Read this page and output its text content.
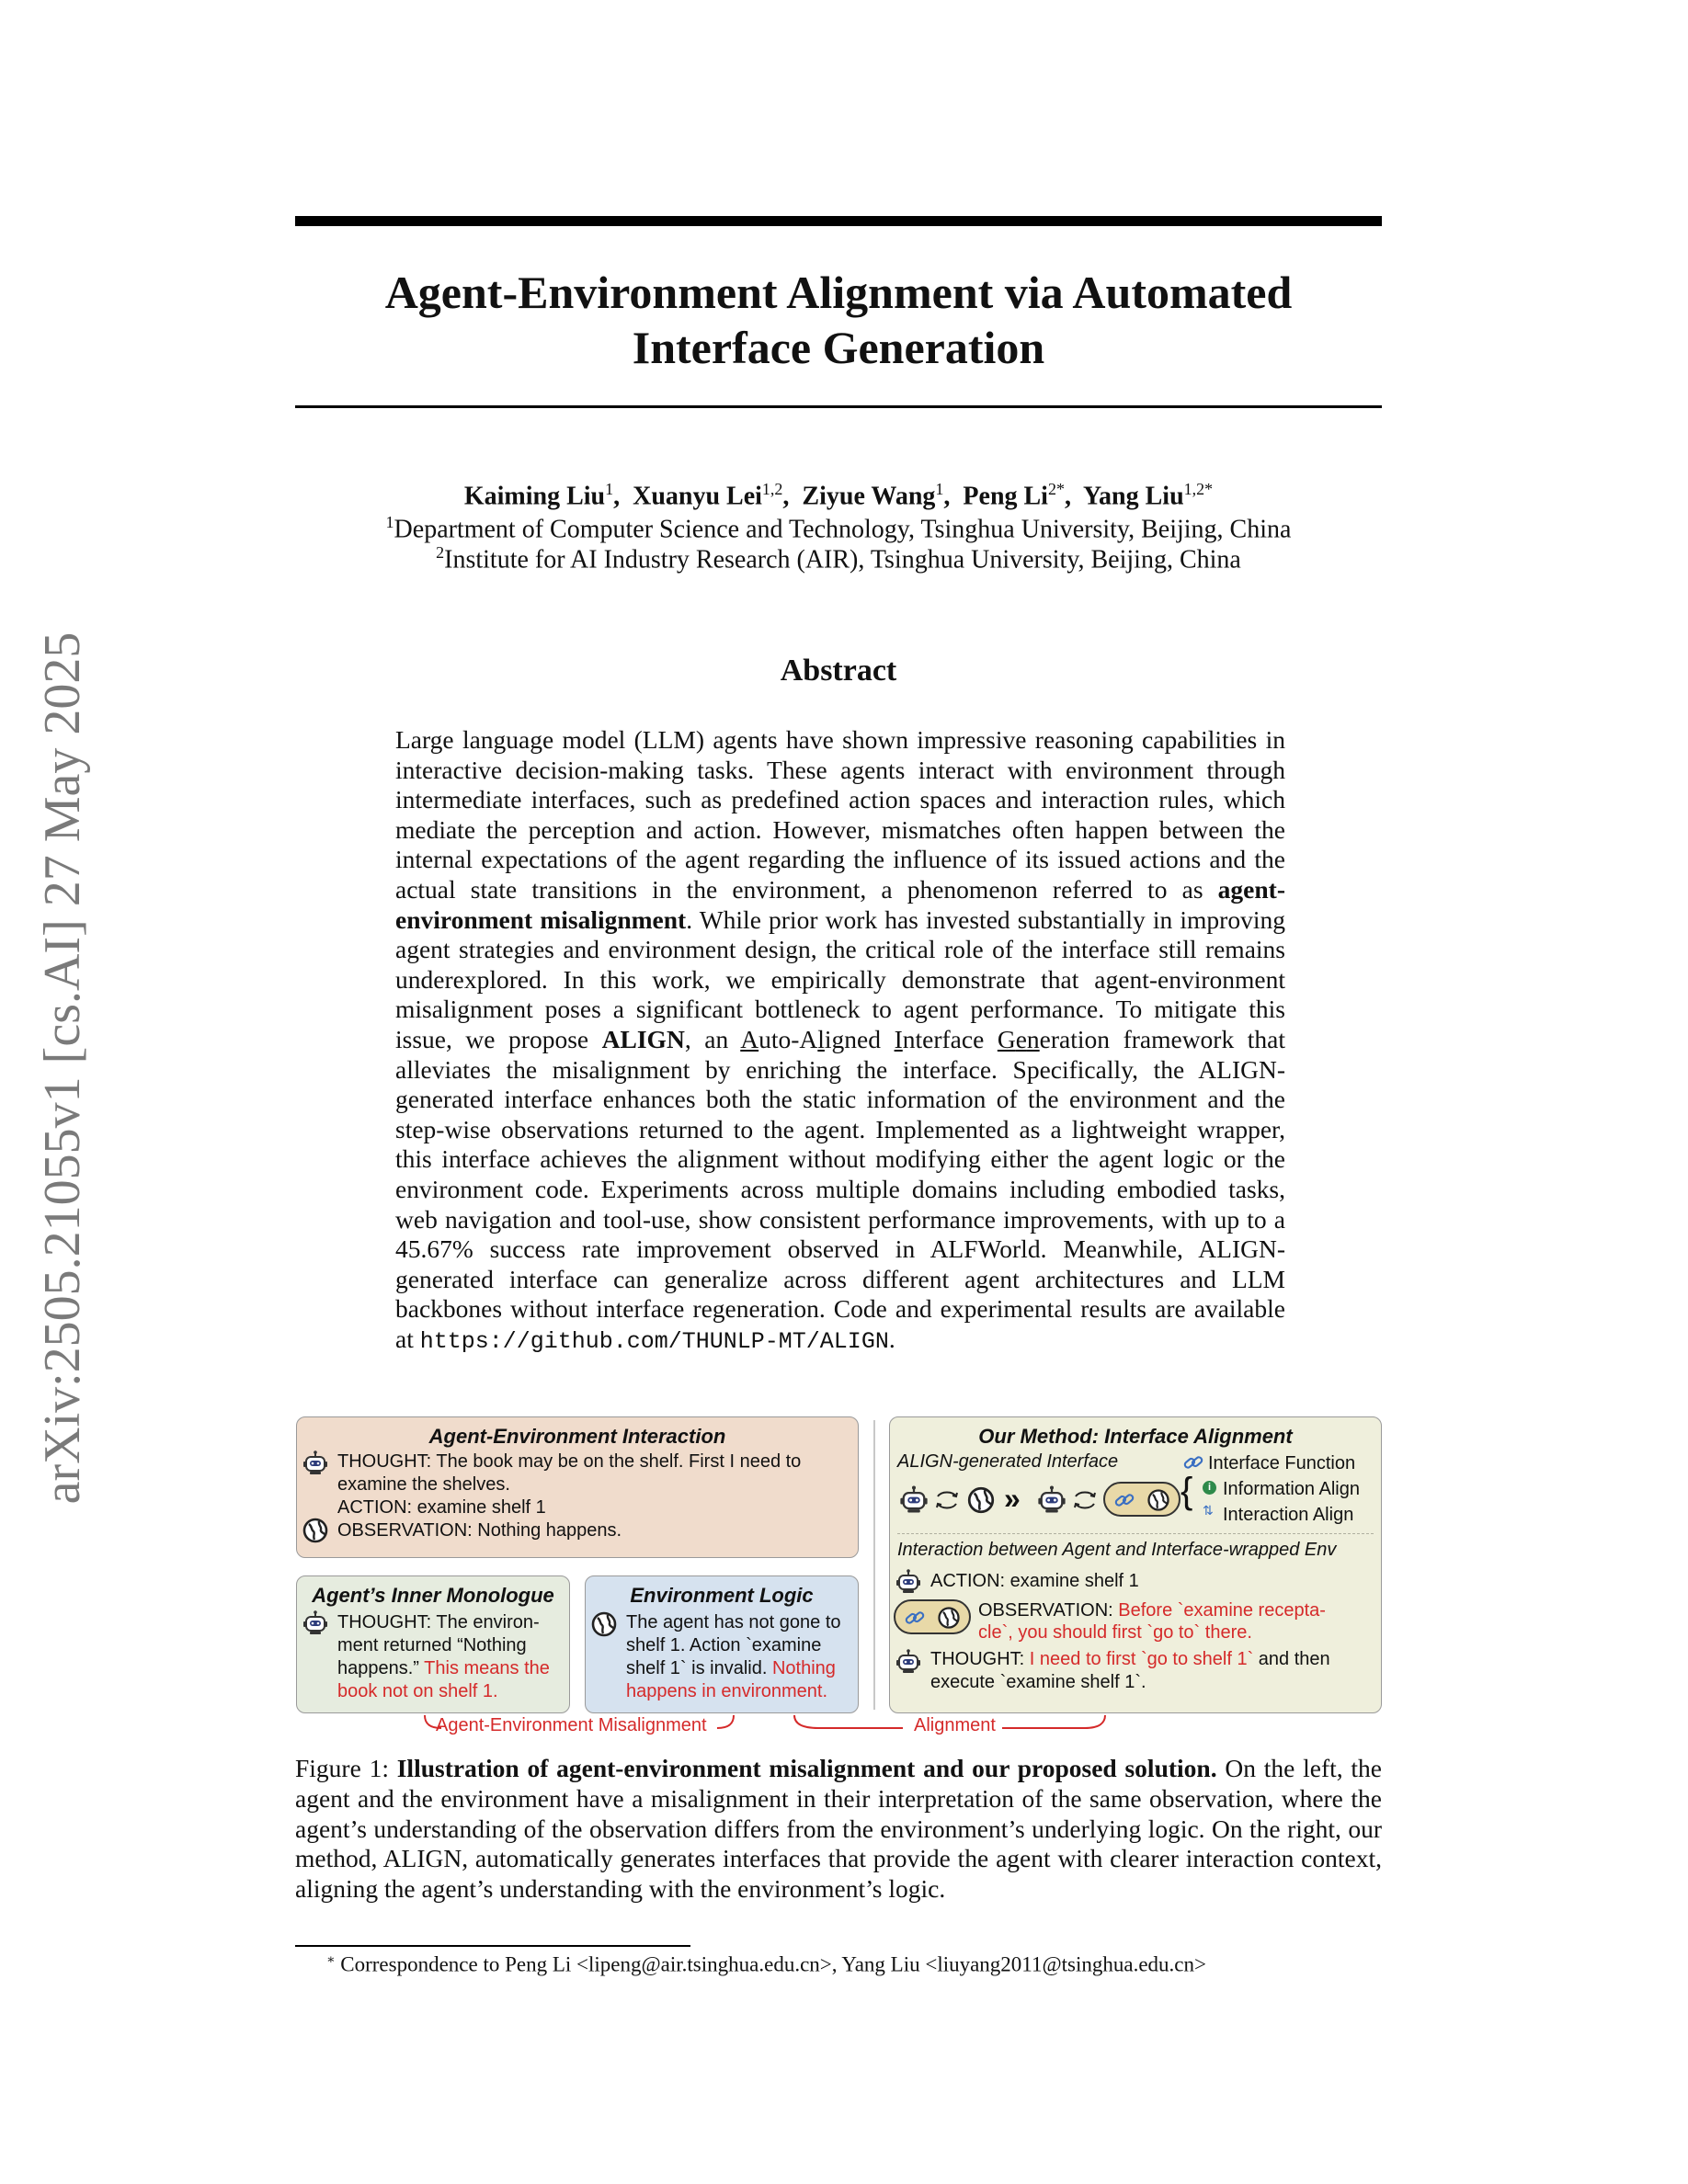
arXiv:2505.21055v1 [cs.AI] 27 May 2025
Agent-Environment Alignment via Automated
Interface Generation
Kaiming Liu$^1$,  Xuanyu Lei$^{1,2}$,  Ziyue Wang$^1$,  Peng $Li^{2*}$,  Yang Liu$^{1,2*}$
$^1$Department of Computer Science and Technology, Tsinghua University, Beijing, China
$^2$Institute for AI Industry Research (AIR), Tsinghua University, Beijing, China
Abstract
Large language model (LLM) agents have shown impressive reasoning capabilities in interactive decision-making tasks. These agents interact with environment through intermediate interfaces, such as predefined action spaces and interaction rules, which mediate the perception and action. However, mismatches often happen between the internal expectations of the agent regarding the influence of its issued actions and the actual state transitions in the environment, a phenomenon referred to as agent-environment misalignment. While prior work has invested substantially in improving agent strategies and environment design, the critical role of the interface still remains underexplored. In this work, we empirically demonstrate that agent-environment misalignment poses a significant bottleneck to agent performance. To mitigate this issue, we propose ALIGN, an Auto-Aligned Interface Generation framework that alleviates the misalignment by enriching the interface. Specifically, the ALIGN-generated interface enhances both the static information of the environment and the step-wise observations returned to the agent. Implemented as a lightweight wrapper, this interface achieves the alignment without modifying either the agent logic or the environment code. Experiments across multiple domains including embodied tasks, web navigation and tool-use, show consistent performance improvements, with up to a 45.67% success rate improvement observed in ALFWorld. Meanwhile, ALIGN-generated interface can generalize across different agent architectures and LLM backbones without interface regeneration. Code and experimental results are available at https://github.com/THUNLP-MT/ALIGN.
Agent-Environment Interaction
THOUGHT: The book may be on the shelf. First I need to
examine the shelves.
ACTION: examine shelf 1
OBSERVATION: Nothing happens.
Agent’s Inner Monologue
THOUGHT: The environ-
ment returned “Nothing
happens.” This means the
book not on shelf 1.
Environment Logic
The agent has not gone to
shelf 1. Action `examine
shelf 1` is invalid. Nothing
happens in environment.
Our Method: Interface Alignment
ALIGN-generated Interface	Interface Function
i Information Align
⇅ Interaction Align
{
»
Interaction between Agent and Interface-wrapped Env
ACTION: examine shelf 1
OBSERVATION: Before `examine recepta-
cle`, you should first `go to` there.
THOUGHT: I need to first `go to shelf 1` and then
execute `examine shelf 1`.
Agent-Environment Misalignment	Alignment
Figure 1: Illustration of agent-environment misalignment and our proposed solution. On the left, the agent and the environment have a misalignment in their interpretation of the same observation, where the agent’s understanding of the observation differs from the environment’s underlying logic. On the right, our method, ALIGN, automatically generates interfaces that provide the agent with clearer interaction context, aligning the agent’s understanding with the environment’s logic.
∗ Correspondence to Peng Li <lipeng@air.tsinghua.edu.cn>, Yang Liu <liuyang2011@tsinghua.edu.cn>
